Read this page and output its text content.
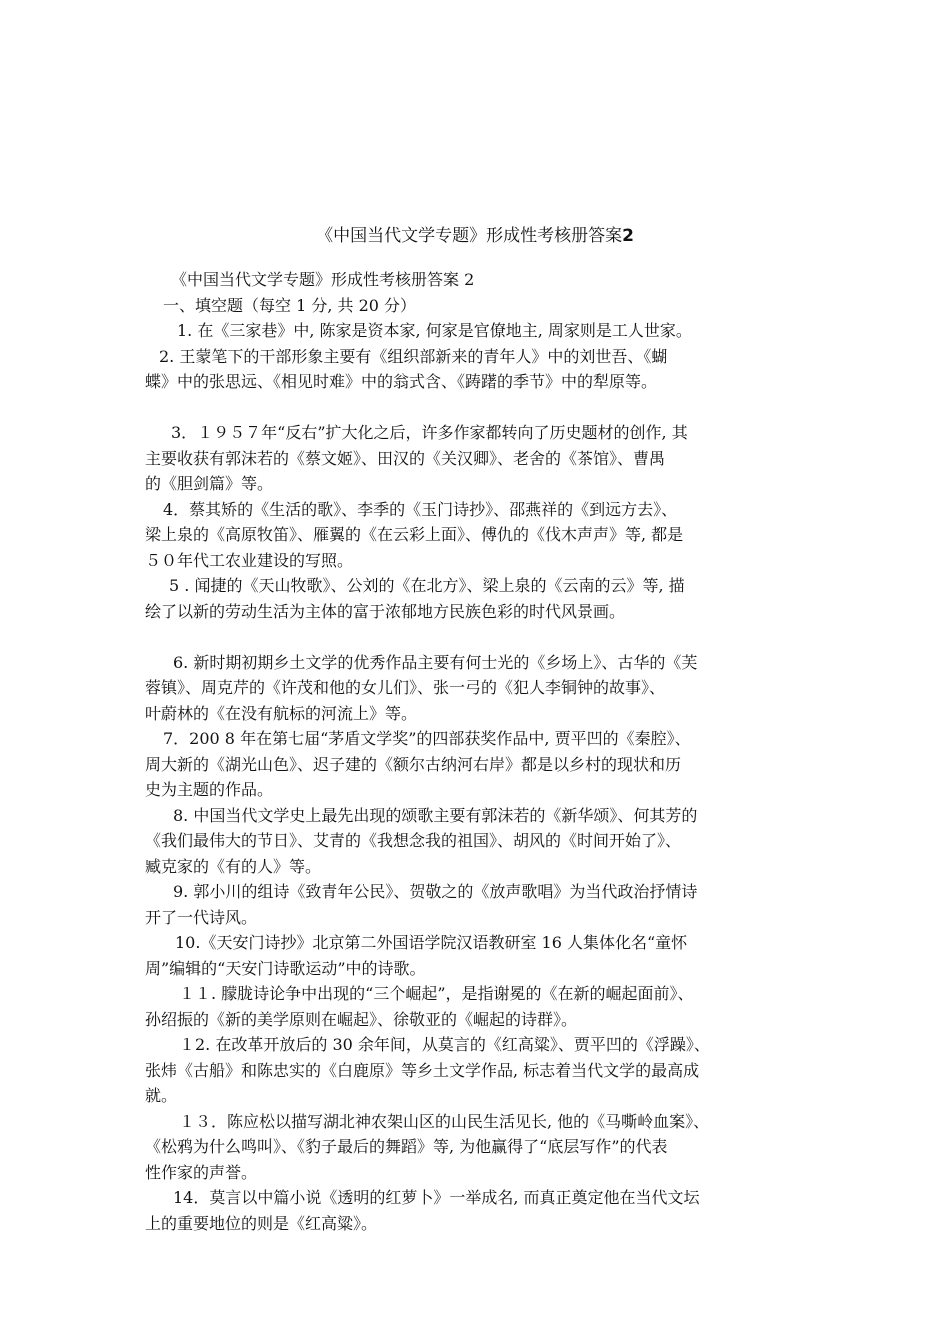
《中国当代文学专题》形成性考核册答案2
《中国当代文学专题》形成性考核册答案 2
一、填空题（每空 1 分, 共 20 分）
1. 在《三家巷》中, 陈家是资本家, 何家是官僚地主, 周家则是工人世家。
2. 王蒙笔下的干部形象主要有《组织部新来的青年人》中的刘世吾、《蝴
蝶》中的张思远、《相见时难》中的翁式含、《踌躇的季节》中的犁原等。
3．１９５７年“反右”扩大化之后，许多作家都转向了历史题材的创作, 其
主要收获有郭沫若的《蔡文姬》、田汉的《关汉卿》、老舍的《茶馆》、曹禺
的《胆剑篇》等。
4．蔡其矫的《生活的歌》、李季的《玉门诗抄》、邵燕祥的《到远方去》、
梁上泉的《高原牧笛》、雁翼的《在云彩上面》、傅仇的《伐木声声》等, 都是
５０年代工农业建设的写照。
5 . 闻捷的《天山牧歌》、公刘的《在北方》、梁上泉的《云南的云》等, 描
绘了以新的劳动生活为主体的富于浓郁地方民族色彩的时代风景画。
6. 新时期初期乡土文学的优秀作品主要有何士光的《乡场上》、古华的《芙
蓉镇》、周克芹的《许茂和他的女儿们》、张一弓的《犯人李铜钟的故事》、
叶蔚林的《在没有航标的河流上》等。
7．200 8 年在第七届“茅盾文学奖”的四部获奖作品中, 贾平凹的《秦腔》、
周大新的《湖光山色》、迟子建的《额尔古纳河右岸》都是以乡村的现状和历
史为主题的作品。
8. 中国当代文学史上最先出现的颂歌主要有郭沫若的《新华颂》、何其芳的
《我们最伟大的节日》、艾青的《我想念我的祖国》、胡风的《时间开始了》、
臧克家的《有的人》等。
9. 郭小川的组诗《致青年公民》、贺敬之的《放声歌唱》为当代政治抒情诗
开了一代诗风。
10.《天安门诗抄》北京第二外国语学院汉语教研室 16 人集体化名“童怀
周”编辑的“天安门诗歌运动”中的诗歌。
１１. 朦胧诗论争中出现的“三个崛起”，是指谢冕的《在新的崛起面前》、
孙绍振的《新的美学原则在崛起》、徐敬亚的《崛起的诗群》。
１2. 在改革开放后的 30 余年间，从莫言的《红高粱》、贾平凹的《浮躁》、
张炜《古船》和陈忠实的《白鹿原》等乡土文学作品, 标志着当代文学的最高成
就。
１３．陈应松以描写湖北神农架山区的山民生活见长, 他的《马嘶岭血案》、
《松鸦为什么鸣叫》、《豹子最后的舞蹈》等, 为他赢得了“底层写作”的代表
性作家的声誉。
14．莫言以中篇小说《透明的红萝卜》一举成名, 而真正奠定他在当代文坛
上的重要地位的则是《红高粱》。
